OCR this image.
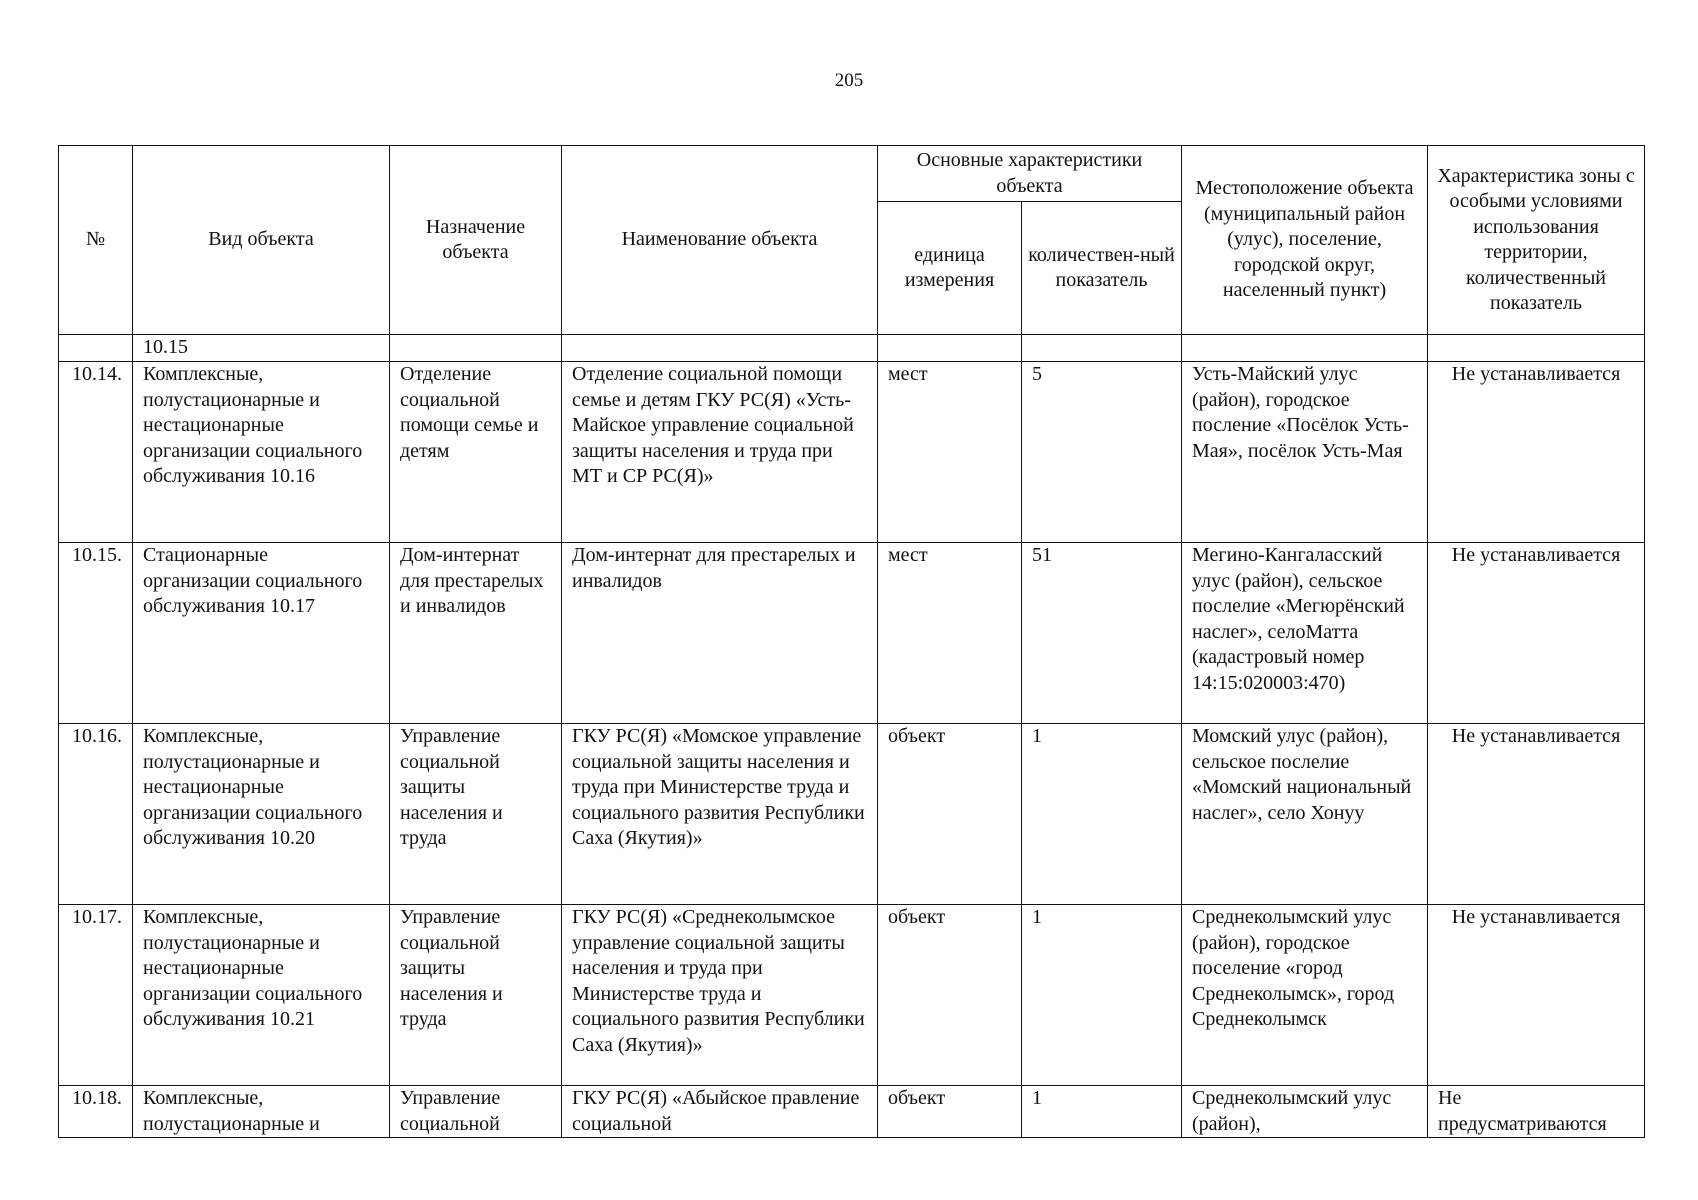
205
№	Вид объекта	Назначение объекта	Наименование объекта	Основные характеристики объекта		Местоположение объекта (муниципальный район (улус), поселение, городской округ, населенный пункт)	Характеристика зоны с особыми условиями использования территории, количественный показатель
				единица измерения	количествен-ный показатель		
	10.15						
10.14.	Комплексные, полустационарные и нестационарные организации социального обслуживания 10.16	Отделение социальной помощи семье и детям	Отделение социальной помощи семье и детям ГКУ РС(Я) «Усть-Майское управление социальной защиты населения и труда при МТ и СР РС(Я)»	мест	5	Усть-Майский улус (район), городское посление «Посёлок Усть-Мая», посёлок Усть-Мая	Не устанавливается
10.15.	Стационарные организации социального обслуживания 10.17	Дом-интернат для престарелых и инвалидов	Дом-интернат для престарелых и инвалидов	мест	51	Мегино-Кангаласский улус (район), сельское послелие «Мегюрёнский наслег», селоМатта (кадастровый номер 14:15:020003:470)	Не устанавливается
10.16.	Комплексные, полустационарные и нестационарные организации социального обслуживания 10.20	Управление социальной защиты населения и труда	ГКУ РС(Я) «Момское управление социальной защиты населения и труда при Министерстве труда и социального развития Республики Саха (Якутия)»	объект	1	Момский улус (район), сельское послелие «Момский национальный наслег», село Хонуу	Не устанавливается
10.17.	Комплексные, полустационарные и нестационарные организации социального обслуживания 10.21	Управление социальной защиты населения и труда	ГКУ РС(Я) «Среднеколымское управление социальной защиты населения и труда при Министерстве труда и социального развития Республики Саха (Якутия)»	объект	1	Среднеколымский улус (район), городское поселение «город Среднеколымск», город Среднеколымск	Не устанавливается
10.18.	Комплексные, полустационарные и	Управление социальной	ГКУ РС(Я) «Абыйское правление социальной	объект	1	Среднеколымский улус (район),	Не предусматриваются
